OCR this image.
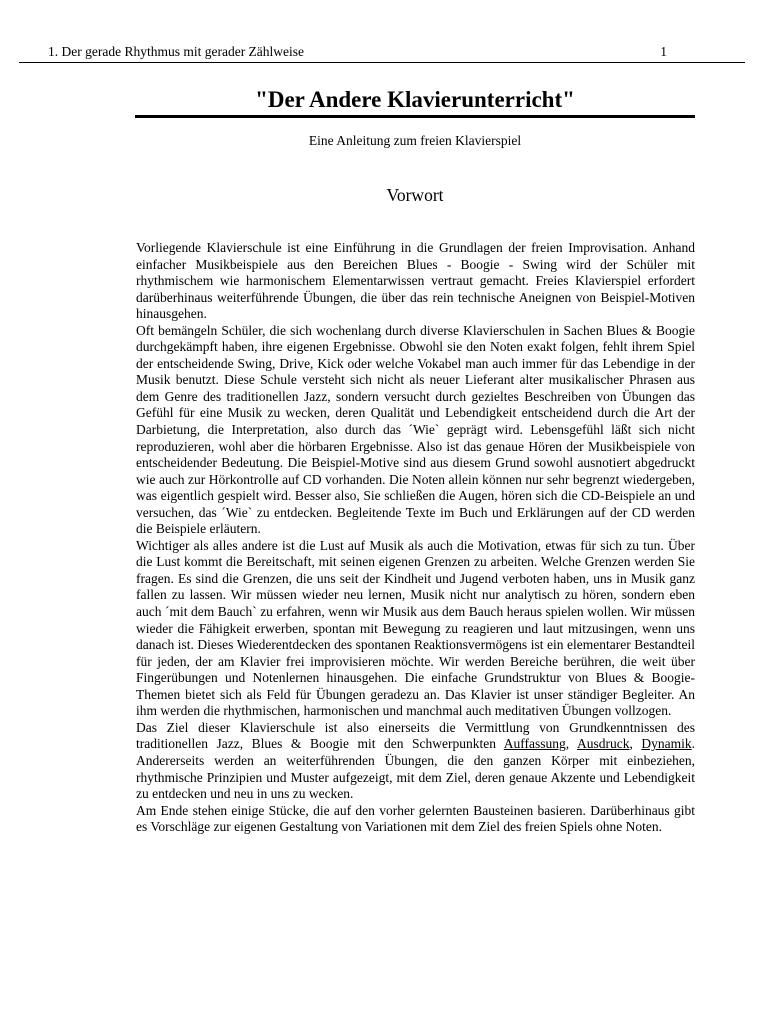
1. Der gerade Rhythmus mit gerader Zählweise	1
"Der Andere Klavierunterricht"
Eine Anleitung zum freien Klavierspiel
Vorwort

Vorliegende Klavierschule ist eine Einführung in die Grundlagen der freien Improvisation. Anhand einfacher Musikbeispiele aus den Bereichen Blues - Boogie - Swing wird der Schüler mit rhythmischem wie harmonischem Elementarwissen vertraut gemacht. Freies Klavierspiel erfordert darüberhinaus weiterführende Übungen, die über das rein technische Aneignen von Beispiel-Motiven hinausgehen.

Oft bemängeln Schüler, die sich wochenlang durch diverse Klavierschulen in Sachen Blues & Boogie durchgekämpft haben, ihre eigenen Ergebnisse. Obwohl sie den Noten exakt folgen, fehlt ihrem Spiel der entscheidende Swing, Drive, Kick oder welche Vokabel man auch immer für das Lebendige in der Musik benutzt. Diese Schule versteht sich nicht als neuer Lieferant alter musikalischer Phrasen aus dem Genre des traditionellen Jazz, sondern versucht durch gezieltes Beschreiben von Übungen das Gefühl für eine Musik zu wecken, deren Qualität und Lebendigkeit entscheidend durch die Art der Darbietung, die Interpretation, also durch das ´Wie` geprägt wird. Lebensgefühl läßt sich nicht reproduzieren, wohl aber die hörbaren Ergebnisse. Also ist das genaue Hören der Musikbeispiele von entscheidender Bedeutung. Die Beispiel-Motive sind aus diesem Grund sowohl ausnotiert abgedruckt wie auch zur Hörkontrolle auf CD vorhanden. Die Noten allein können nur sehr begrenzt wiedergeben, was eigentlich gespielt wird. Besser also, Sie schließen die Augen, hören sich die CD-Beispiele an und versuchen, das ´Wie` zu entdecken. Begleitende Texte im Buch und Erklärungen auf der CD werden die Beispiele erläutern.

Wichtiger als alles andere ist die Lust auf Musik als auch die Motivation, etwas für sich zu tun. Über die Lust kommt die Bereitschaft, mit seinen eigenen Grenzen zu arbeiten. Welche Grenzen werden Sie fragen. Es sind die Grenzen, die uns seit der Kindheit und Jugend verboten haben, uns in Musik ganz fallen zu lassen. Wir müssen wieder neu lernen, Musik nicht nur analytisch zu hören, sondern eben auch ´mit dem Bauch` zu erfahren, wenn wir Musik aus dem Bauch heraus spielen wollen. Wir müssen wieder die Fähigkeit erwerben, spontan mit Bewegung zu reagieren und laut mitzusingen, wenn uns danach ist. Dieses Wiederentdecken des spontanen Reaktionsvermögens ist ein elementarer Bestandteil für jeden, der am Klavier frei improvisieren möchte. Wir werden Bereiche berühren, die weit über Fingerübungen und Notenlernen hinausgehen. Die einfache Grundstruktur von Blues & Boogie-Themen bietet sich als Feld für Übungen geradezu an. Das Klavier ist unser ständiger Begleiter. An ihm werden die rhythmischen, harmonischen und manchmal auch meditativen Übungen vollzogen.

Das Ziel dieser Klavierschule ist also einerseits die Vermittlung von Grundkenntnissen des traditionellen Jazz, Blues & Boogie mit den Schwerpunkten Auffassung, Ausdruck, Dynamik. Andererseits werden an weiterführenden Übungen, die den ganzen Körper mit einbeziehen, rhythmische Prinzipien und Muster aufgezeigt, mit dem Ziel, deren genaue Akzente und Lebendigkeit zu entdecken und neu in uns zu wecken.

Am Ende stehen einige Stücke, die auf den vorher gelernten Bausteinen basieren. Darüberhinaus gibt es Vorschläge zur eigenen Gestaltung von Variationen mit dem Ziel des freien Spiels ohne Noten.
